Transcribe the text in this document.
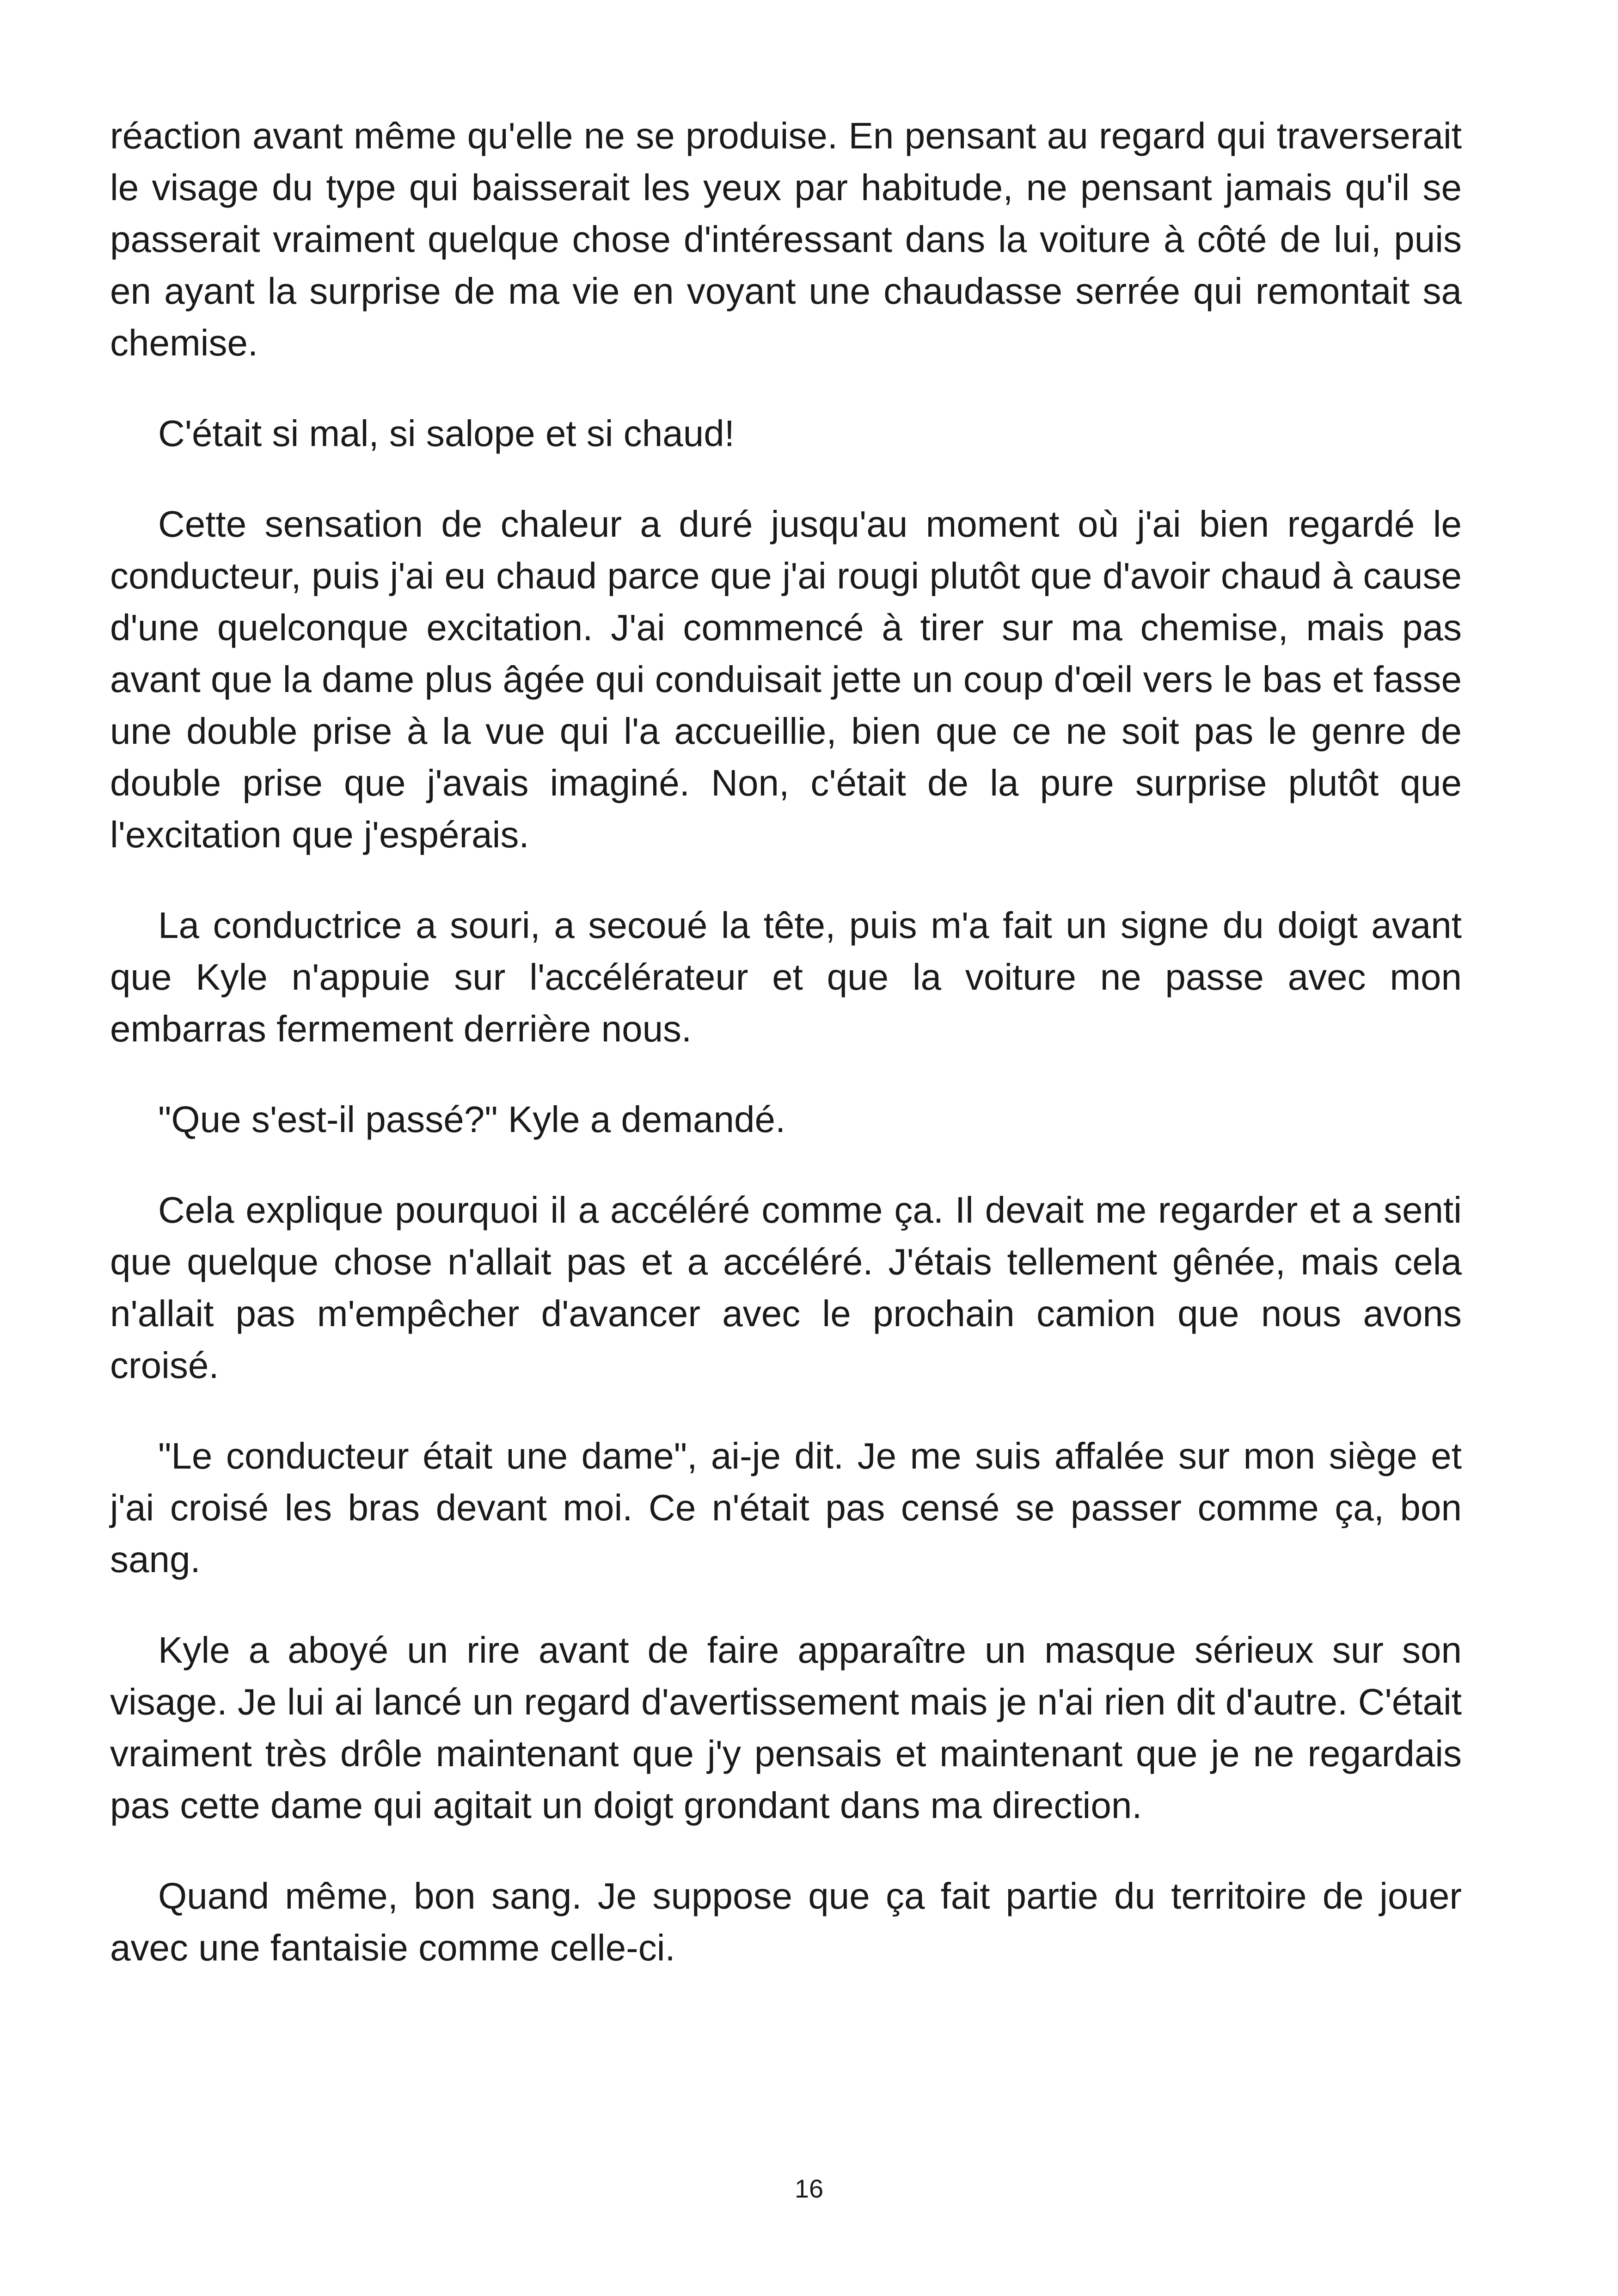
réaction avant même qu'elle ne se produise. En pensant au regard qui traverserait le visage du type qui baisserait les yeux par habitude, ne pensant jamais qu'il se passerait vraiment quelque chose d'intéressant dans la voiture à côté de lui, puis en ayant la surprise de ma vie en voyant une chaudasse serrée qui remontait sa chemise.

C'était si mal, si salope et si chaud!

Cette sensation de chaleur a duré jusqu'au moment où j'ai bien regardé le conducteur, puis j'ai eu chaud parce que j'ai rougi plutôt que d'avoir chaud à cause d'une quelconque excitation. J'ai commencé à tirer sur ma chemise, mais pas avant que la dame plus âgée qui conduisait jette un coup d'œil vers le bas et fasse une double prise à la vue qui l'a accueillie, bien que ce ne soit pas le genre de double prise que j'avais imaginé. Non, c'était de la pure surprise plutôt que l'excitation que j'espérais.

La conductrice a souri, a secoué la tête, puis m'a fait un signe du doigt avant que Kyle n'appuie sur l'accélérateur et que la voiture ne passe avec mon embarras fermement derrière nous.

"Que s'est-il passé?" Kyle a demandé.

Cela explique pourquoi il a accéléré comme ça. Il devait me regarder et a senti que quelque chose n'allait pas et a accéléré. J'étais tellement gênée, mais cela n'allait pas m'empêcher d'avancer avec le prochain camion que nous avons croisé.

"Le conducteur était une dame", ai-je dit. Je me suis affalée sur mon siège et j'ai croisé les bras devant moi. Ce n'était pas censé se passer comme ça, bon sang.

Kyle a aboyé un rire avant de faire apparaître un masque sérieux sur son visage. Je lui ai lancé un regard d'avertissement mais je n'ai rien dit d'autre. C'était vraiment très drôle maintenant que j'y pensais et maintenant que je ne regardais pas cette dame qui agitait un doigt grondant dans ma direction.

Quand même, bon sang. Je suppose que ça fait partie du territoire de jouer avec une fantaisie comme celle-ci.

16
